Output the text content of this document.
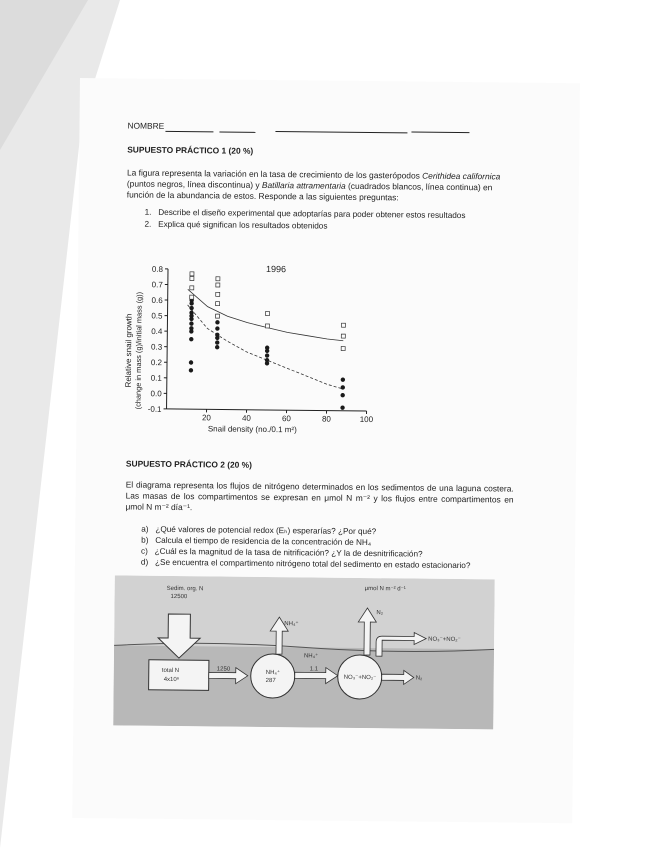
NOMBRE
SUPUESTO PRÁCTICO 1 (20 %)
La figura representa la variación en la tasa de crecimiento de los gasterópodos Cerithidea californica (puntos negros, línea discontinua) y Batillaria attramentaria (cuadrados blancos, línea continua) en función de la abundancia de estos. Responde a las siguientes preguntas:
1. Describe el diseño experimental que adoptarías para poder obtener estos resultados
2. Explica qué significan los resultados obtenidos
Relative snail growth (change in mass (g)/initial mass (g))
0.8
0.7
0.6
0.5
0.4
0.3
0.2
0.1
0.0
-0.1
20	40	60	80	100
1996
Snail density (no./0.1 m²)
SUPUESTO PRÁCTICO 2 (20 %)
El diagrama representa los flujos de nitrógeno determinados en los sedimentos de una laguna costera. Las masas de los compartimentos se expresan en μmol N m⁻² y los flujos entre compartimentos en μmol N m⁻² día⁻¹.
a) ¿Qué valores de potencial redox (Eₕ) esperarías? ¿Por qué?
b) Calcula el tiempo de residencia de la concentración de NH₄
c) ¿Cuál es la magnitud de la tasa de nitrificación? ¿Y la de desnitrificación?
d) ¿Se encuentra el compartimento nitrógeno total del sedimento en estado estacionario?
Sedim. org. N
12500
μmol N m⁻² d⁻¹
total N
4x10⁶
1250
NH₄⁺
287
NH₄⁺
NH₄⁺
1.1
NO₃⁻+NO₂⁻	N₂
N₂
NO₃⁻+NO₂⁻
